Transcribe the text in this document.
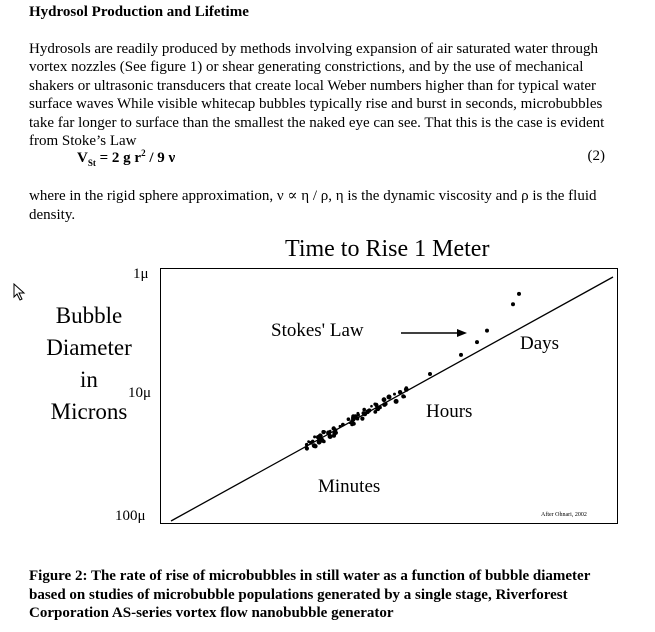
Hydrosol Production and Lifetime
Hydrosols are readily produced by methods involving expansion of air saturated water through vortex nozzles (See figure 1) or shear generating constrictions, and by the use of mechanical shakers or ultrasonic transducers that create local Weber numbers higher than for typical water surface waves While visible whitecap bubbles typically rise and burst in seconds, microbubbles take far longer to surface than the smallest the naked eye can see. That this is the case is evident from Stoke’s Law
$V_{St} = 2$ g $r^2 / 9$ ν	(2)
where in the rigid sphere approximation, ν ∝ η / ρ, η is the dynamic viscosity and ρ is the fluid density.
Time to Rise 1 Meter
Bubble
Diameter
in
Microns
1μ
10μ
100μ
Stokes' Law
Days
Hours
Minutes
After Ohnari, 2002
Figure 2: The rate of rise of microbubbles in still water as a function of bubble diameter based on studies of microbubble populations generated by a single stage, Riverforest Corporation AS-series vortex flow nanobubble generator
